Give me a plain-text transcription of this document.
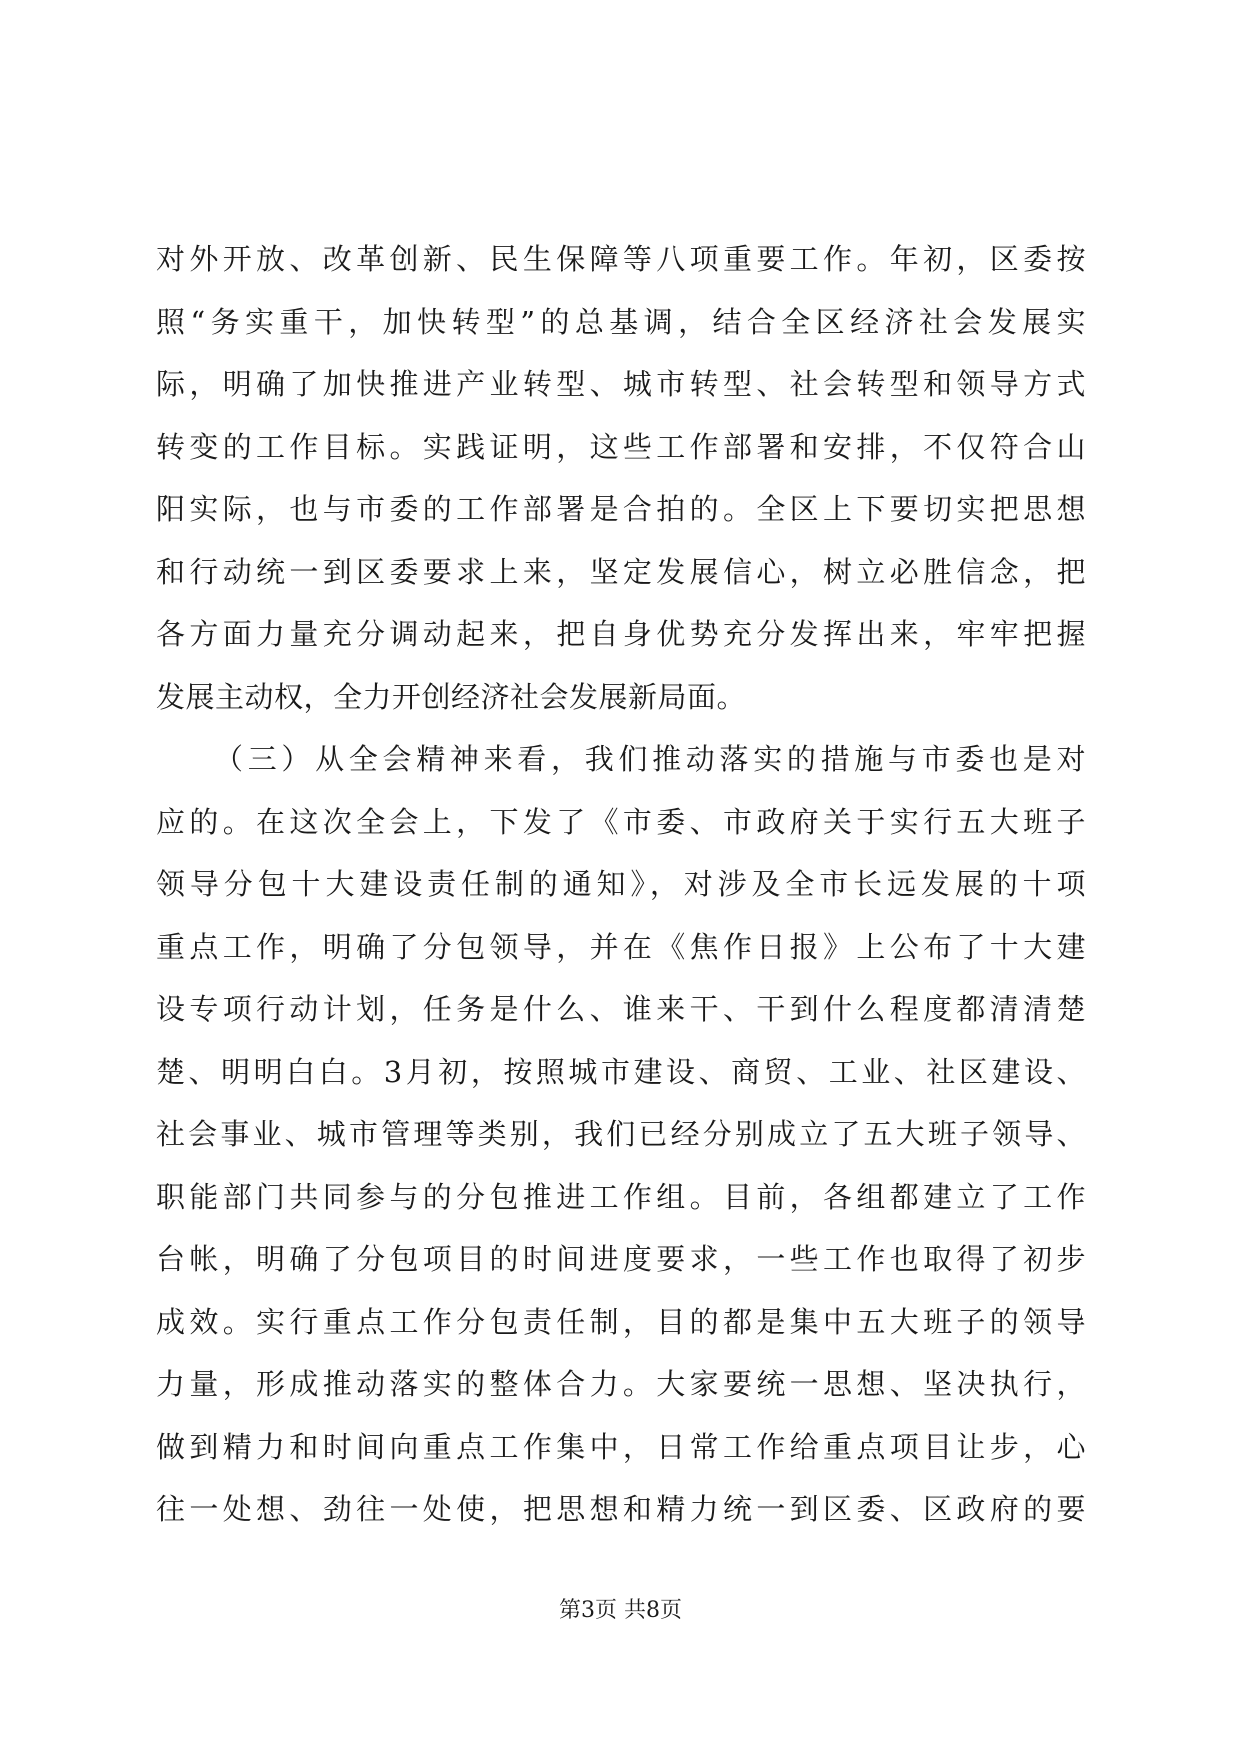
对外开放、改革创新、民生保障等八项重要工作。年初，区委按
照“务实重干，加快转型”的总基调，结合全区经济社会发展实
际，明确了加快推进产业转型、城市转型、社会转型和领导方式
转变的工作目标。实践证明，这些工作部署和安排，不仅符合山
阳实际，也与市委的工作部署是合拍的。全区上下要切实把思想
和行动统一到区委要求上来，坚定发展信心，树立必胜信念，把
各方面力量充分调动起来，把自身优势充分发挥出来，牢牢把握
发展主动权，全力开创经济社会发展新局面。
（三）从全会精神来看，我们推动落实的措施与市委也是对
应的。在这次全会上，下发了《市委、市政府关于实行五大班子
领导分包十大建设责任制的通知》，对涉及全市长远发展的十项
重点工作，明确了分包领导，并在《焦作日报》上公布了十大建
设专项行动计划，任务是什么、谁来干、干到什么程度都清清楚
楚、明明白白。3月初，按照城市建设、商贸、工业、社区建设、
社会事业、城市管理等类别，我们已经分别成立了五大班子领导、
职能部门共同参与的分包推进工作组。目前，各组都建立了工作
台帐，明确了分包项目的时间进度要求，一些工作也取得了初步
成效。实行重点工作分包责任制，目的都是集中五大班子的领导
力量，形成推动落实的整体合力。大家要统一思想、坚决执行，
做到精力和时间向重点工作集中，日常工作给重点项目让步，心
往一处想、劲往一处使，把思想和精力统一到区委、区政府的要
第3页 共8页
